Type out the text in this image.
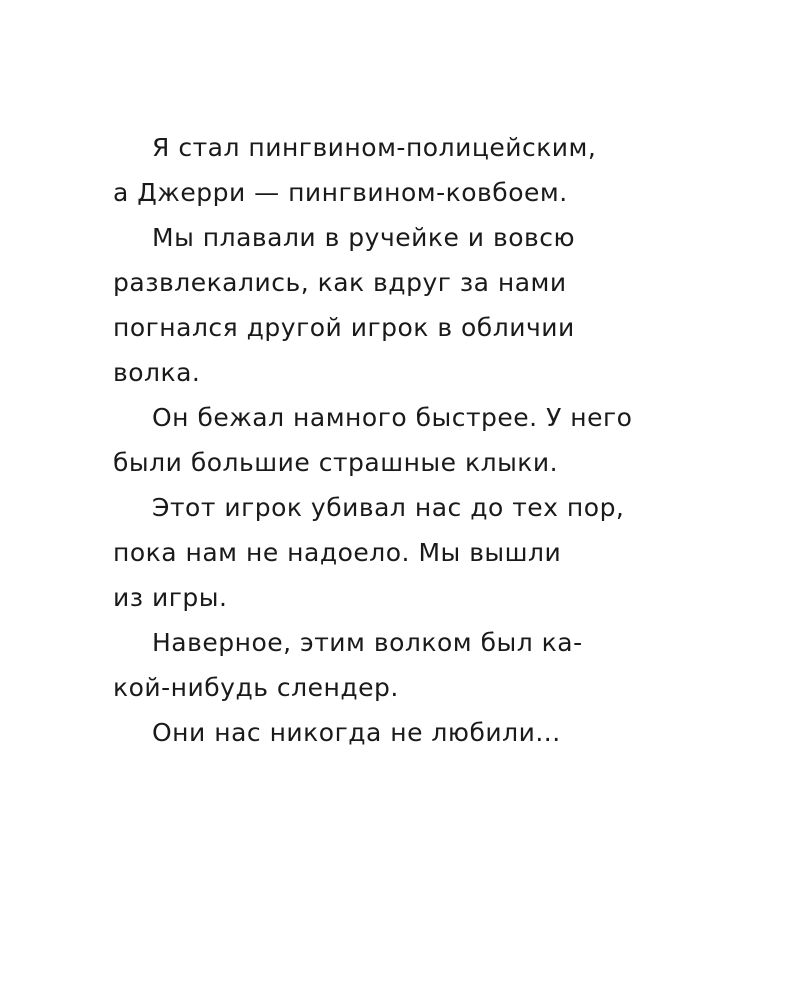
Я стал пингвином-полицейским,
а Джерри — пингвином-ковбоем.
Мы плавали в ручейке и вовсю
развлекались, как вдруг за нами
погнался другой игрок в обличии
волка.
Он бежал намного быстрее. У него
были большие страшные клыки.
Этот игрок убивал нас до тех пор,
пока нам не надоело. Мы вышли
из игры.
Наверное, этим волком был ка-
кой-нибудь слендер.
Они нас никогда не любили...
